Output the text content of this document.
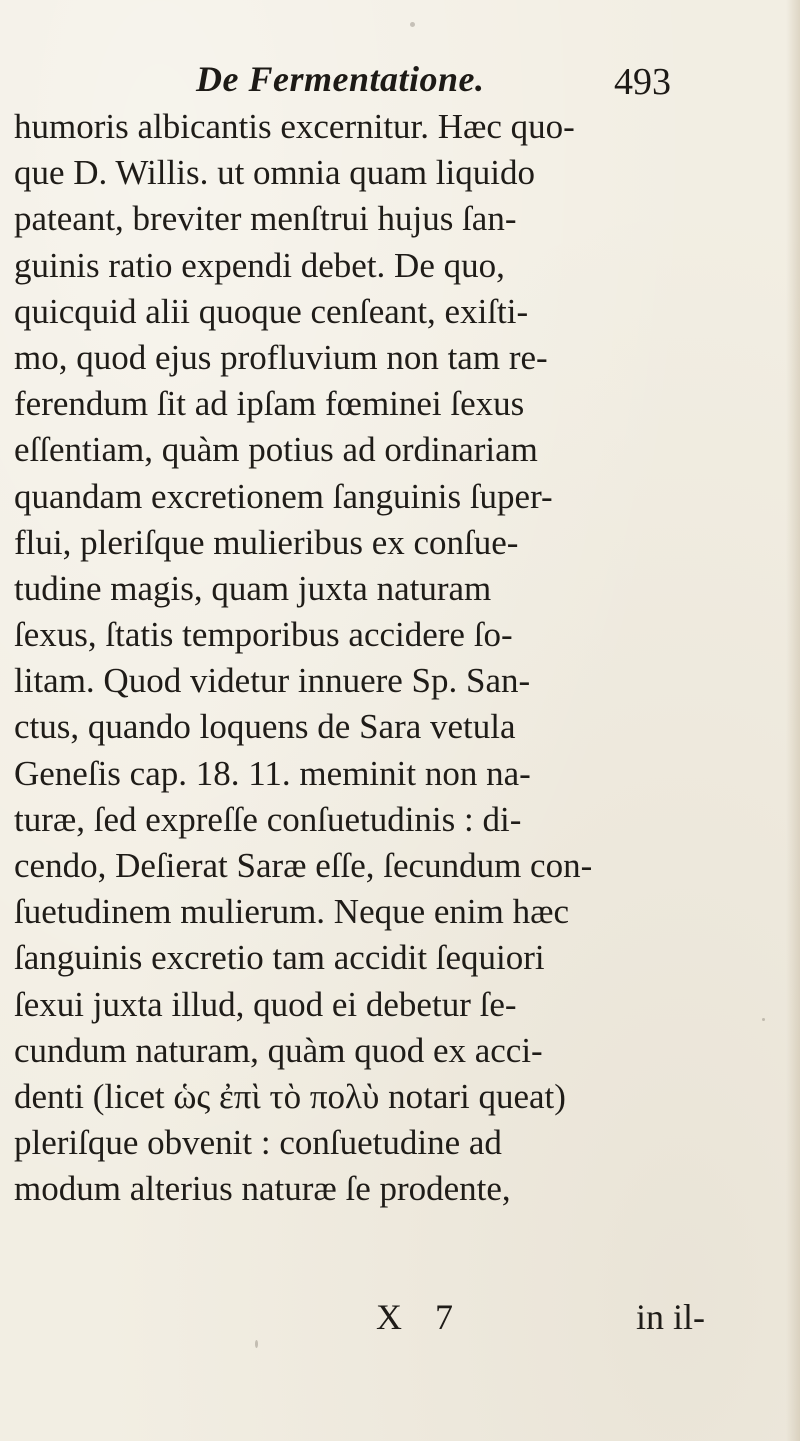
De Fermentatione.	493
humoris albicantis excernitur. Hæc quo-
que D. Willis. ut omnia quam liquido
pateant, breviter menſtrui hujus ſan-
guinis ratio expendi debet. De quo,
quicquid alii quoque cenſeant, exiſti-
mo, quod ejus profluvium non tam re-
ferendum ſit ad ipſam fœminei ſexus
eſſentiam, quàm potius ad ordinariam
quandam excretionem ſanguinis ſuper-
flui, pleriſque mulieribus ex conſue-
tudine magis, quam juxta naturam
ſexus, ſtatis temporibus accidere ſo-
litam. Quod videtur innuere Sp. San-
ctus, quando loquens de Sara vetula
Geneſis cap. 18. 11. meminit non na-
turæ, ſed expreſſe conſuetudinis : di-
cendo, Deſierat Saræ eſſe, ſecundum con-
ſuetudinem mulierum. Neque enim hæc
ſanguinis excretio tam accidit ſequiori
ſexui juxta illud, quod ei debetur ſe-
cundum naturam, quàm quod ex acci-
denti (licet ὡς ἐπὶ τὸ πολὺ notari queat)
pleriſque obvenit : conſuetudine ad
modum alterius naturæ ſe prodente,
X 7	in il-
